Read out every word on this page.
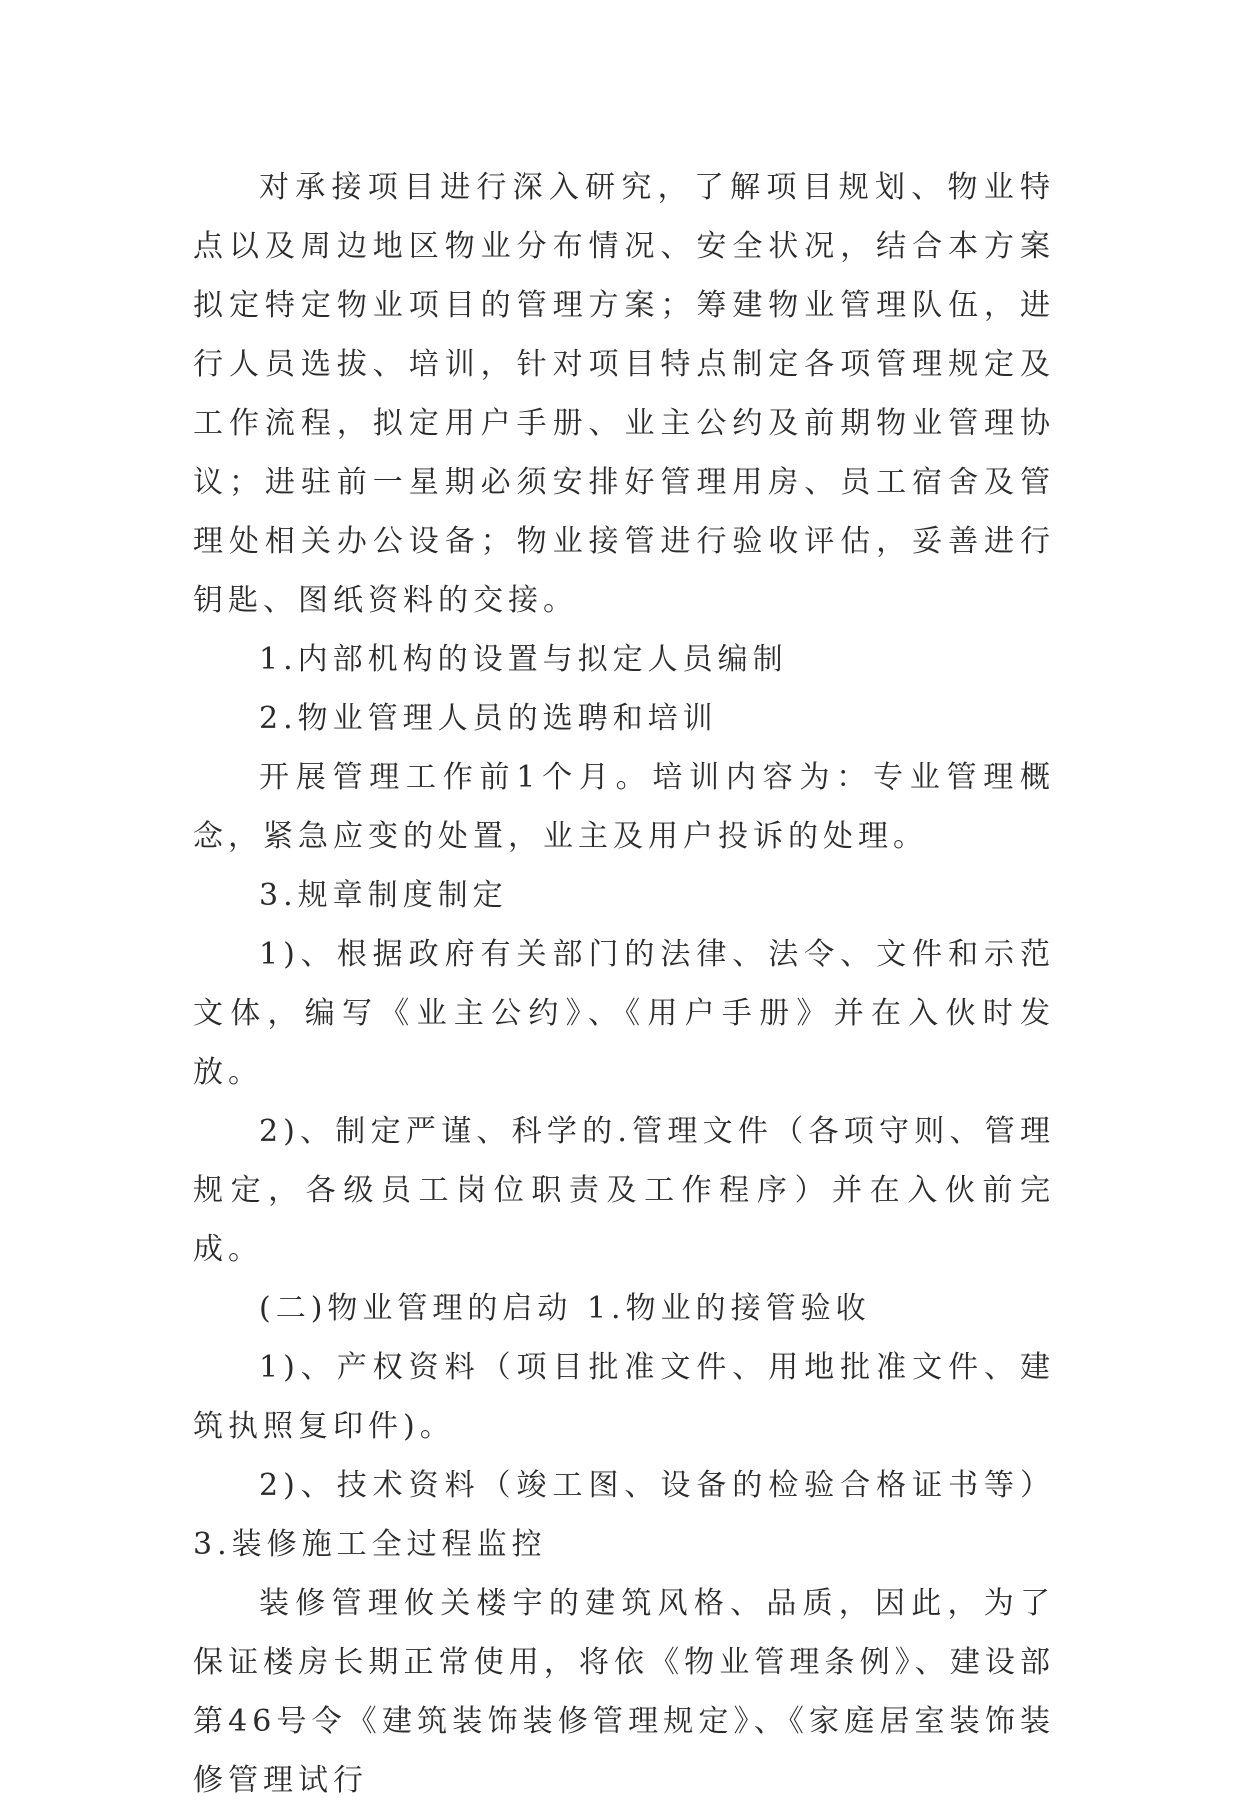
对承接项目进行深入研究，了解项目规划、物业特点以及周边地区物业分布情况、安全状况，结合本方案拟定特定物业项目的管理方案；筹建物业管理队伍，进行人员选拔、培训，针对项目特点制定各项管理规定及工作流程，拟定用户手册、业主公约及前期物业管理协议；进驻前一星期必须安排好管理用房、员工宿舍及管理处相关办公设备；物业接管进行验收评估，妥善进行钥匙、图纸资料的交接。

1.内部机构的设置与拟定人员编制

2.物业管理人员的选聘和培训

开展管理工作前1个月。培训内容为：专业管理概念，紧急应变的处置，业主及用户投诉的处理。

3.规章制度制定

1)、根据政府有关部门的法律、法令、文件和示范文体，编写《业主公约》、《用户手册》并在入伙时发放。

2)、制定严谨、科学的.管理文件（各项守则、管理规定，各级员工岗位职责及工作程序）并在入伙前完成。

(二)物业管理的启动 1.物业的接管验收

1)、产权资料（项目批准文件、用地批准文件、建筑执照复印件)。

2)、技术资料（竣工图、设备的检验合格证书等） 3.装修施工全过程监控

装修管理攸关楼宇的建筑风格、品质，因此，为了保证楼房长期正常使用，将依《物业管理条例》、建设部第46号令《建筑装饰装修管理规定》、《家庭居室装饰装修管理试行
